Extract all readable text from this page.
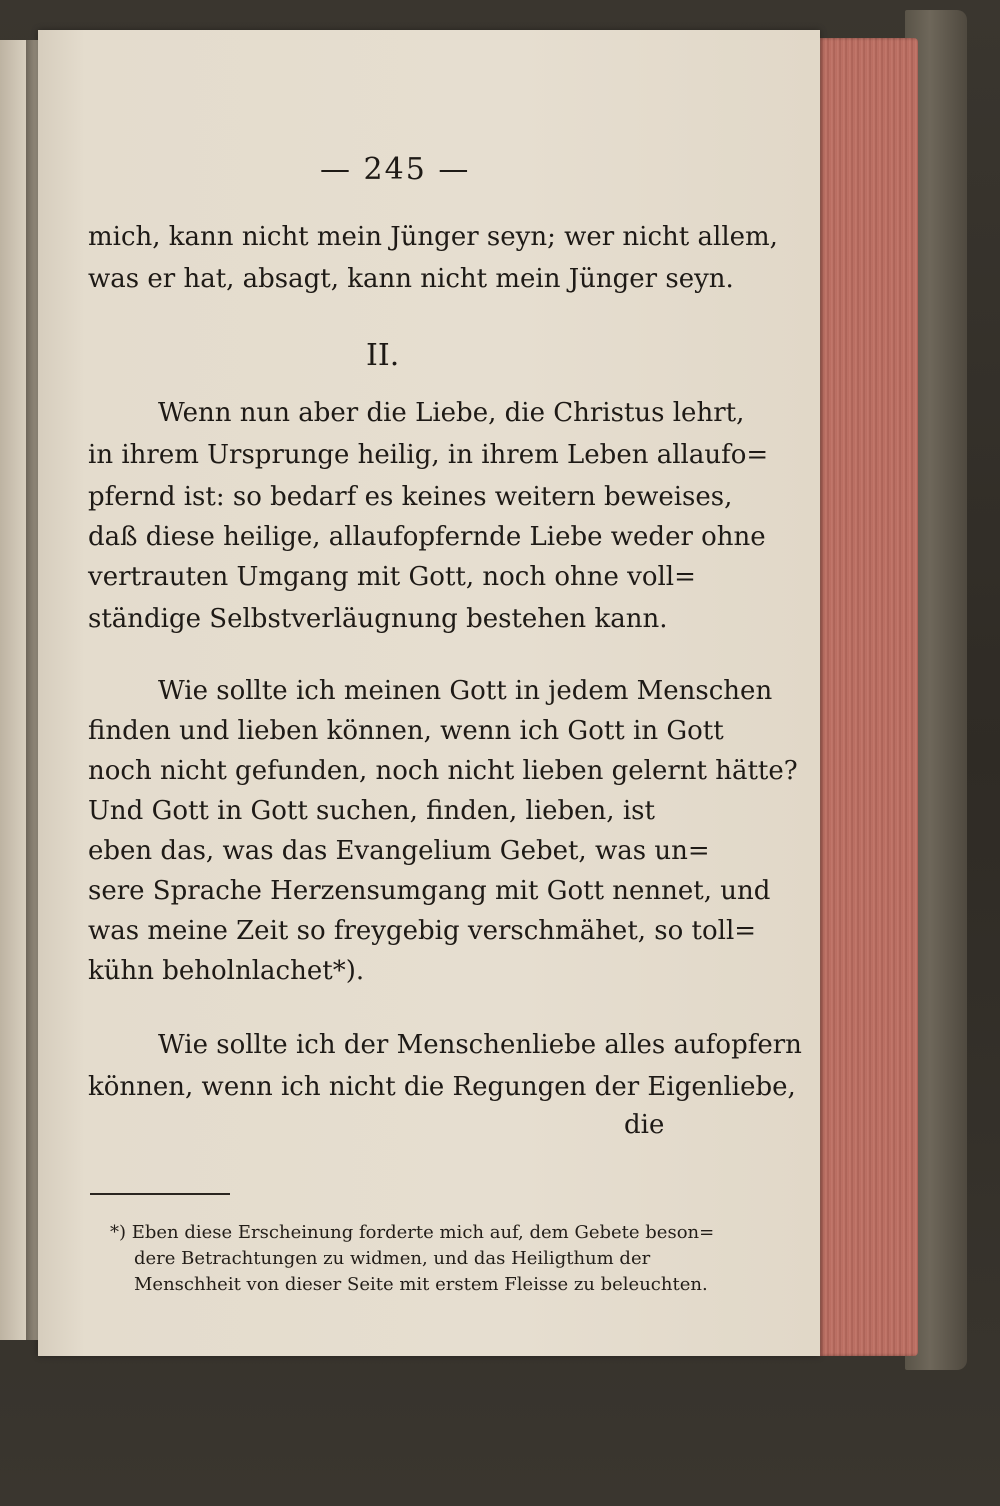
— 245 —
mich, kann nicht mein Jünger seyn; wer nicht allem,
was er hat, absagt, kann nicht mein Jünger seyn.
II.
Wenn nun aber die Liebe, die Christus lehrt,
in ihrem Ursprunge heilig, in ihrem Leben allaufo=
pfernd ist: so bedarf es keines weitern beweises,
daß diese heilige, allaufopfernde Liebe weder ohne
vertrauten Umgang mit Gott, noch ohne voll=
ständige Selbstverläugnung bestehen kann.
Wie sollte ich meinen Gott in jedem Menschen
finden und lieben können, wenn ich Gott in Gott
noch nicht gefunden, noch nicht lieben gelernt hätte?
Und Gott in Gott suchen, finden, lieben, ist
eben das, was das Evangelium Gebet, was un=
sere Sprache Herzensumgang mit Gott nennet, und
was meine Zeit so freygebig verschmähet, so toll=
kühn beholnlachet*).
Wie sollte ich der Menschenliebe alles aufopfern
können, wenn ich nicht die Regungen der Eigenliebe,
die
*) Eben diese Erscheinung forderte mich auf, dem Gebete beson=
dere Betrachtungen zu widmen, und das Heiligthum der
Menschheit von dieser Seite mit erstem Fleisse zu beleuchten.
